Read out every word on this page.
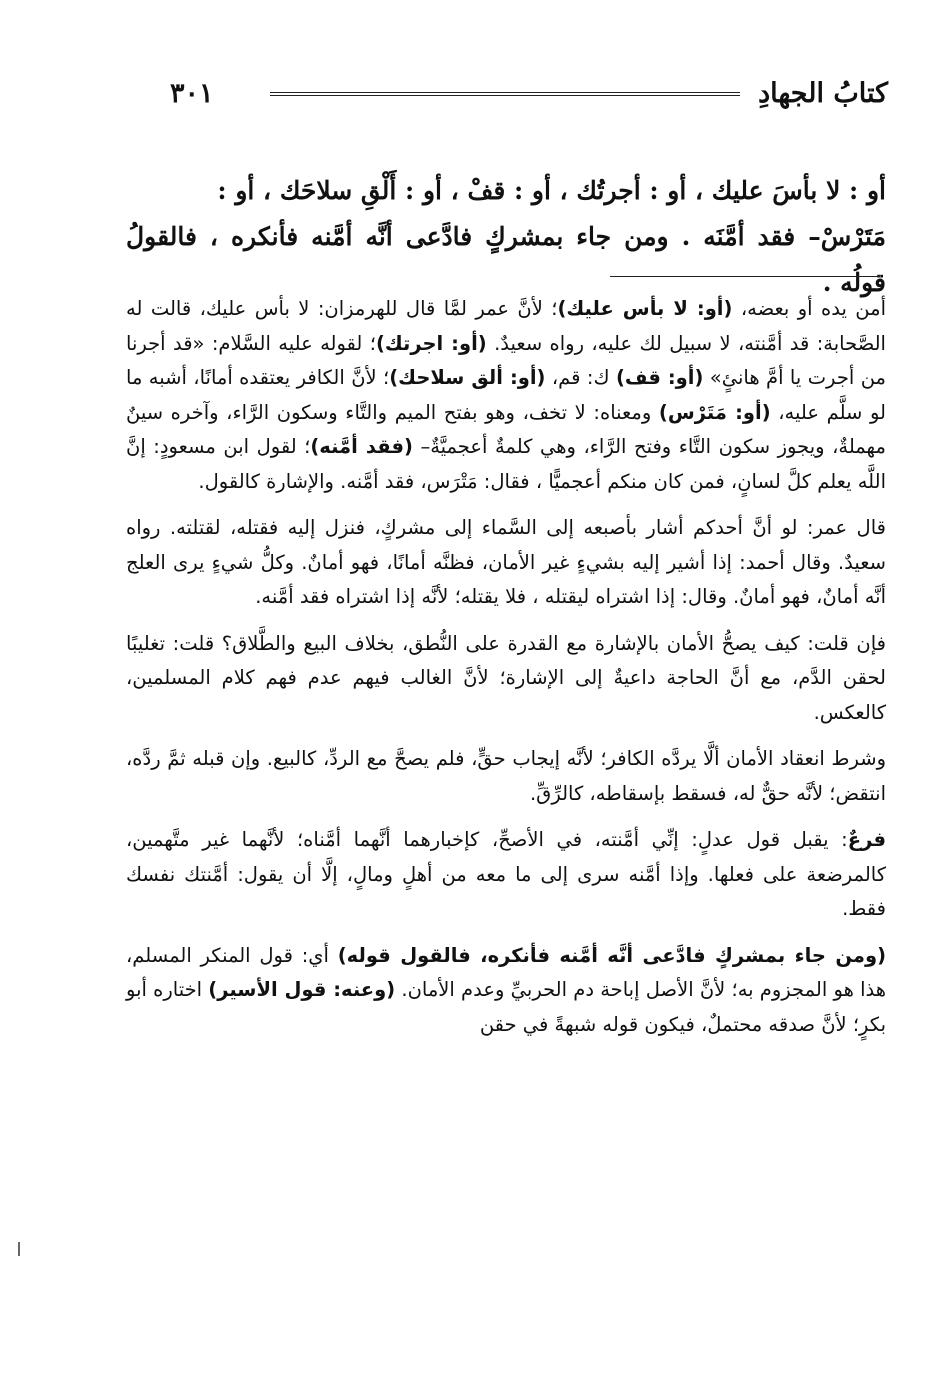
كتابُ الجهادِ
٣٠١

أو : لا بأسَ عليك ، أو : أجرتُك ، أو : قفْ ، أو : أَلْقِ سلاحَك ، أو :

مَتَرْسْ– فقد أمَّنَه . ومن جاء بمشركٍ فادَّعى أنَّه أمَّنه فأنكره ، فالقولُ قولُه .

أمن يده أو بعضه، (أو: لا بأس عليك)؛ لأنَّ عمر لمَّا قال للهرمزان: لا بأس عليك، قالت له الصَّحابة: قد أمَّنته، لا سبيل لك عليه، رواه سعيدٌ. (أو: اجرتك)؛ لقوله عليه السَّلام: «قد أجرنا من أجرت يا أمَّ هانئٍ» (أو: قف) ك: قم، (أو: ألق سلاحك)؛ لأنَّ الكافر يعتقده أمانًا، أشبه ما لو سلَّم عليه، (أو: مَتَرْس) ومعناه: لا تخف، وهو بفتح الميم والتَّاء وسكون الرَّاء، وآخره سينٌ مهملةٌ، ويجوز سكون التَّاء وفتح الرَّاء، وهي كلمةٌ أعجميَّةٌ– (فقد أمَّنه)؛ لقول ابن مسعودٍ: إنَّ اللَّه يعلم كلَّ لسانٍ، فمن كان منكم أعجميًّا ، فقال: مَتْرَس، فقد أمَّنه. والإشارة كالقول.

قال عمر: لو أنَّ أحدكم أشار بأصبعه إلى السَّماء إلى مشركٍ، فنزل إليه فقتله، لقتلته. رواه سعيدٌ. وقال أحمد: إذا أشير إليه بشيءٍ غير الأمان، فظنَّه أمانًا، فهو أمانٌ. وكلُّ شيءٍ يرى العلج أنَّه أمانٌ، فهو أمانٌ. وقال: إذا اشتراه ليقتله ، فلا يقتله؛ لأنَّه إذا اشتراه فقد أمَّنه.

فإن قلت: كيف يصحُّ الأمان بالإشارة مع القدرة على النُّطق، بخلاف البيع والطَّلاق؟ قلت: تغليبًا لحقن الدَّم، مع أنَّ الحاجة داعيةٌ إلى الإشارة؛ لأنَّ الغالب فيهم عدم فهم كلام المسلمين، كالعكس.

وشرط انعقاد الأمان ألَّا يردَّه الكافر؛ لأنَّه إيجاب حقٍّ، فلم يصحَّ مع الردِّ، كالبيع. وإن قبله ثمَّ ردَّه، انتقض؛ لأنَّه حقٌّ له، فسقط بإسقاطه، كالرِّقِّ.

فرعٌ: يقبل قول عدلٍ: إنِّي أمَّنته، في الأصحِّ، كإخبارهما أنَّهما أمَّناه؛ لأنَّهما غير متَّهمين، كالمرضعة على فعلها. وإذا أمَّنه سرى إلى ما معه من أهلٍ ومالٍ، إلَّا أن يقول: أمَّنتك نفسك فقط.

(ومن جاء بمشركٍ فادَّعى أنَّه أمَّنه فأنكره، فالقول قوله) أي: قول المنكر المسلم، هذا هو المجزوم به؛ لأنَّ الأصل إباحة دم الحربيِّ وعدم الأمان. (وعنه: قول الأسير) اختاره أبو بكرٍ؛ لأنَّ صدقه محتملٌ، فيكون قوله شبهةً في حقن
